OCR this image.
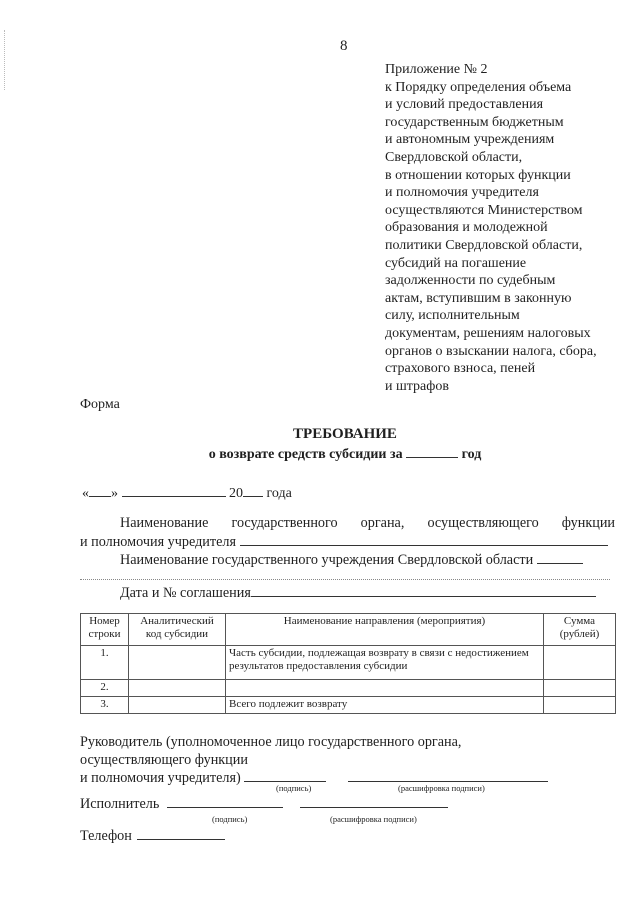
8
Приложение № 2
к Порядку определения объема
и условий предоставления
государственным бюджетным
и автономным учреждениям
Свердловской области,
в отношении которых функции
и полномочия учредителя
осуществляются Министерством
образования и молодежной
политики Свердловской области,
субсидий на погашение
задолженности по судебным
актам, вступившим в законную
силу, исполнительным
документам, решениям налоговых
органов о взыскании налога, сбора,
страхового взноса, пеней
и штрафов
Форма
ТРЕБОВАНИЕ
о возврате средств субсидии за	год
« »	20 года
Наименование государственного органа, осуществляющего функции
и полномочия учредителя
Наименование государственного учреждения Свердловской области
Дата и № соглашения
Номер строки	Аналитический код субсидии	Наименование направления (мероприятия)	Сумма (рублей)
1.		Часть субсидии, подлежащая возврату в связи с недостижением результатов предоставления субсидии	
2.			
3.		Всего подлежит возврату	
Руководитель (уполномоченное лицо государственного органа,
осуществляющего функции
и полномочия учредителя)
(подпись)	(расшифровка подписи)
Исполнитель
(подпись)	(расшифровка подписи)
Телефон
